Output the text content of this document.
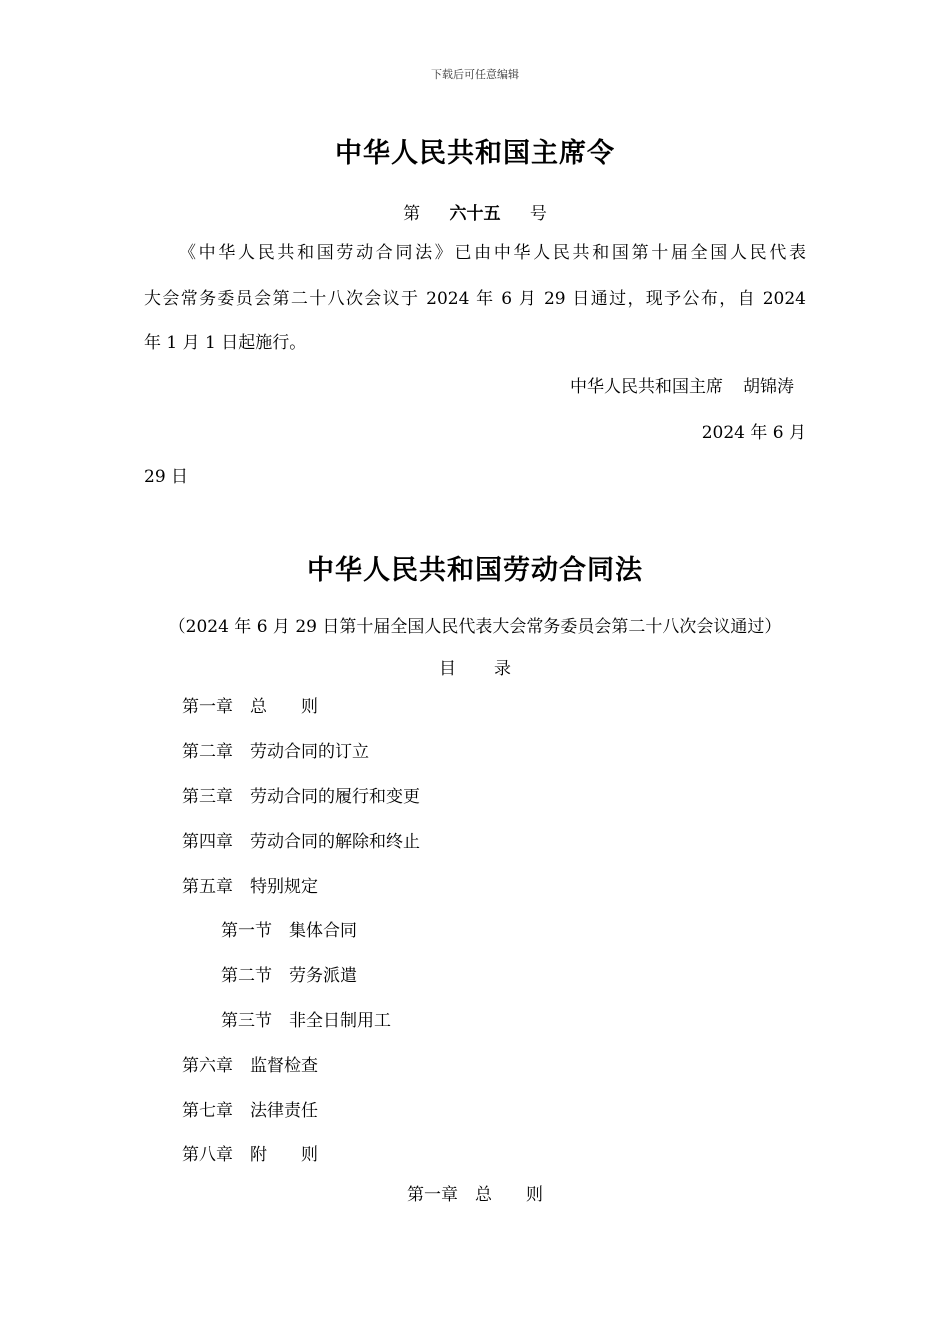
下载后可任意编辑
中华人民共和国主席令
第 六十五 号
《中华人民共和国劳动合同法》已由中华人民共和国第十届全国人民代表
大会常务委员会第二十八次会议于 2024 年 6 月 29 日通过，现予公布，自 2024
年 1 月 1 日起施行。
中华人民共和国主席 胡锦涛
2024 年 6 月
29 日
中华人民共和国劳动合同法
（2024 年 6 月 29 日第十届全国人民代表大会常务委员会第二十八次会议通过）
目录
第一章　总　　则
第二章　劳动合同的订立
第三章　劳动合同的履行和变更
第四章　劳动合同的解除和终止
第五章　特别规定
第一节　集体合同
第二节　劳务派遣
第三节　非全日制用工
第六章　监督检查
第七章　法律责任
第八章　附　　则
第一章　总　　则
